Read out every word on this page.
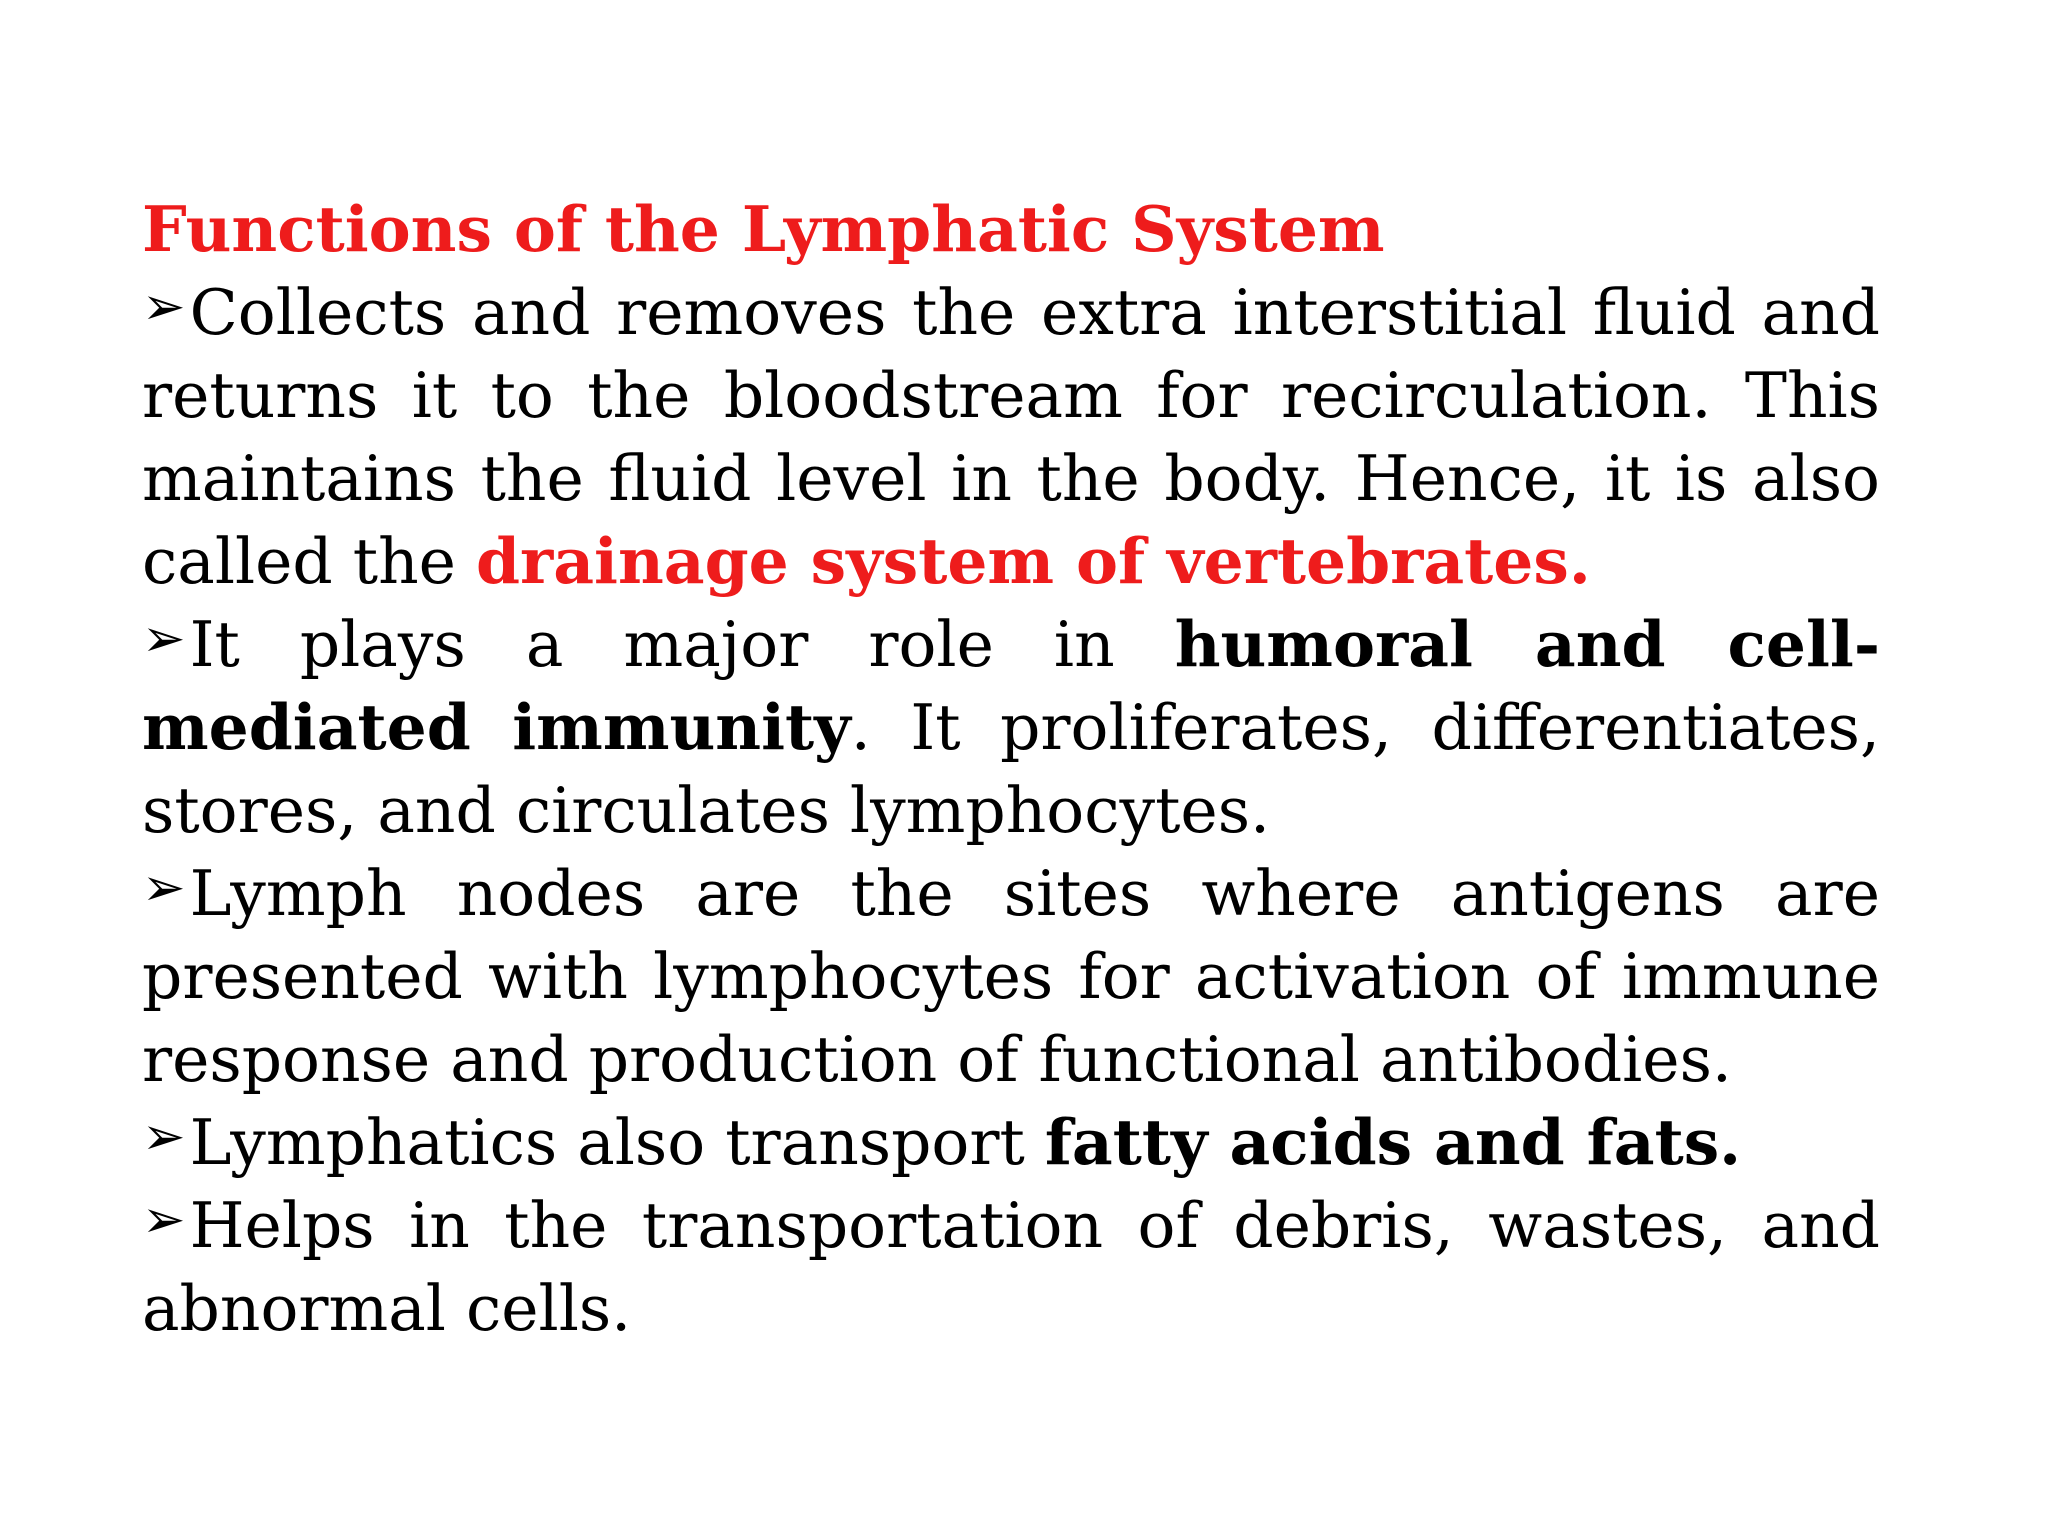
Functions of the Lymphatic System

➢Collects and removes the extra interstitial fluid and returns it to the bloodstream for recirculation. This maintains the fluid level in the body. Hence, it is also called the drainage system of vertebrates.

➢It plays a major role in humoral and cell-mediated immunity. It proliferates, differentiates, stores, and circulates lymphocytes.

➢Lymph nodes are the sites where antigens are presented with lymphocytes for activation of immune response and production of functional antibodies.

➢Lymphatics also transport fatty acids and fats.

➢Helps in the transportation of debris, wastes, and abnormal cells.
